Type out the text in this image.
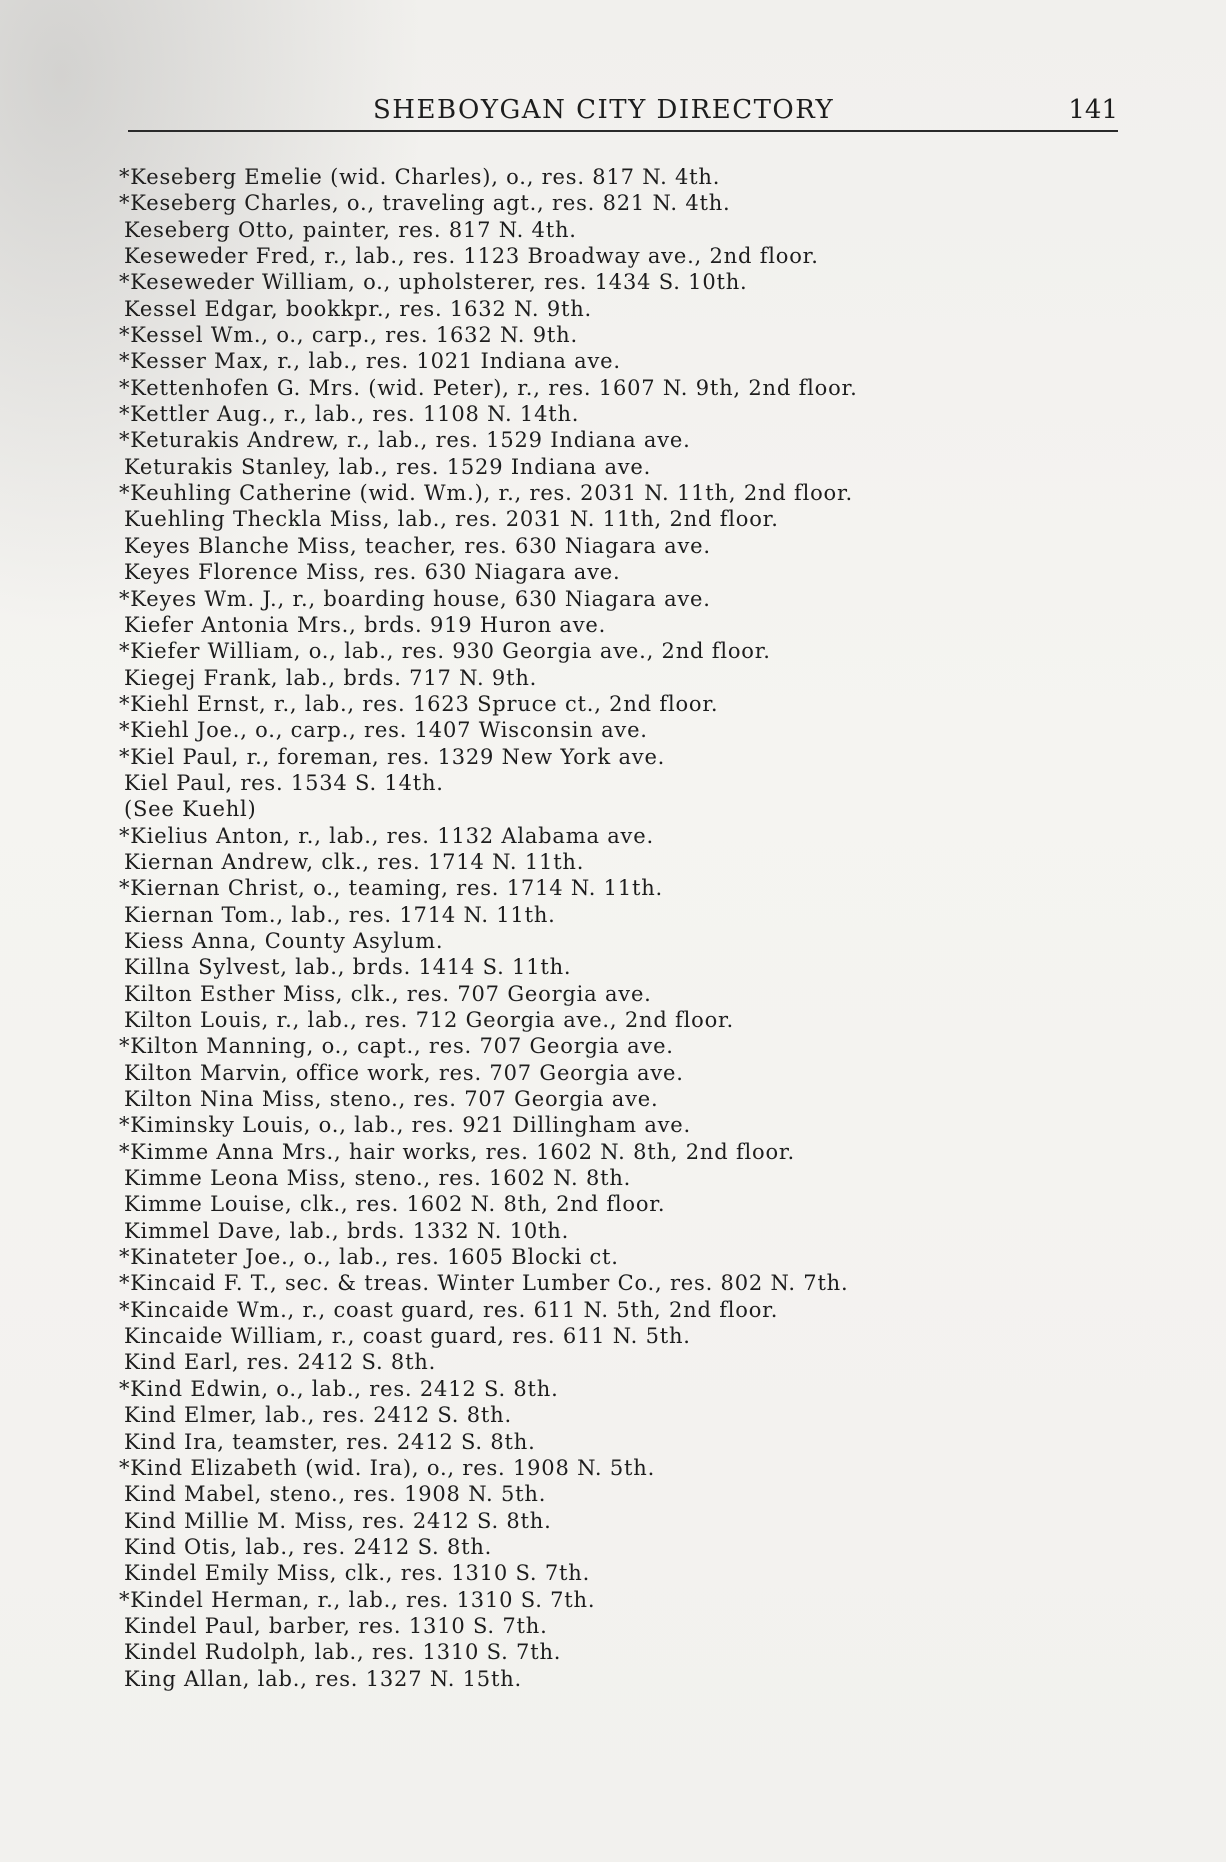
SHEBOYGAN CITY DIRECTORY	141
*Keseberg Emelie (wid. Charles), o., res. 817 N. 4th.
*Keseberg Charles, o., traveling agt., res. 821 N. 4th.
Keseberg Otto, painter, res. 817 N. 4th.
Keseweder Fred, r., lab., res. 1123 Broadway ave., 2nd floor.
*Keseweder William, o., upholsterer, res. 1434 S. 10th.
Kessel Edgar, bookkpr., res. 1632 N. 9th.
*Kessel Wm., o., carp., res. 1632 N. 9th.
*Kesser Max, r., lab., res. 1021 Indiana ave.
*Kettenhofen G. Mrs. (wid. Peter), r., res. 1607 N. 9th, 2nd floor.
*Kettler Aug., r., lab., res. 1108 N. 14th.
*Keturakis Andrew, r., lab., res. 1529 Indiana ave.
Keturakis Stanley, lab., res. 1529 Indiana ave.
*Keuhling Catherine (wid. Wm.), r., res. 2031 N. 11th, 2nd floor.
Kuehling Theckla Miss, lab., res. 2031 N. 11th, 2nd floor.
Keyes Blanche Miss, teacher, res. 630 Niagara ave.
Keyes Florence Miss, res. 630 Niagara ave.
*Keyes Wm. J., r., boarding house, 630 Niagara ave.
Kiefer Antonia Mrs., brds. 919 Huron ave.
*Kiefer William, o., lab., res. 930 Georgia ave., 2nd floor.
Kiegej Frank, lab., brds. 717 N. 9th.
*Kiehl Ernst, r., lab., res. 1623 Spruce ct., 2nd floor.
*Kiehl Joe., o., carp., res. 1407 Wisconsin ave.
*Kiel Paul, r., foreman, res. 1329 New York ave.
Kiel Paul, res. 1534 S. 14th.
(See Kuehl)
*Kielius Anton, r., lab., res. 1132 Alabama ave.
Kiernan Andrew, clk., res. 1714 N. 11th.
*Kiernan Christ, o., teaming, res. 1714 N. 11th.
Kiernan Tom., lab., res. 1714 N. 11th.
Kiess Anna, County Asylum.
Killna Sylvest, lab., brds. 1414 S. 11th.
Kilton Esther Miss, clk., res. 707 Georgia ave.
Kilton Louis, r., lab., res. 712 Georgia ave., 2nd floor.
*Kilton Manning, o., capt., res. 707 Georgia ave.
Kilton Marvin, office work, res. 707 Georgia ave.
Kilton Nina Miss, steno., res. 707 Georgia ave.
*Kiminsky Louis, o., lab., res. 921 Dillingham ave.
*Kimme Anna Mrs., hair works, res. 1602 N. 8th, 2nd floor.
Kimme Leona Miss, steno., res. 1602 N. 8th.
Kimme Louise, clk., res. 1602 N. 8th, 2nd floor.
Kimmel Dave, lab., brds. 1332 N. 10th.
*Kinateter Joe., o., lab., res. 1605 Blocki ct.
*Kincaid F. T., sec. & treas. Winter Lumber Co., res. 802 N. 7th.
*Kincaide Wm., r., coast guard, res. 611 N. 5th, 2nd floor.
Kincaide William, r., coast guard, res. 611 N. 5th.
Kind Earl, res. 2412 S. 8th.
*Kind Edwin, o., lab., res. 2412 S. 8th.
Kind Elmer, lab., res. 2412 S. 8th.
Kind Ira, teamster, res. 2412 S. 8th.
*Kind Elizabeth (wid. Ira), o., res. 1908 N. 5th.
Kind Mabel, steno., res. 1908 N. 5th.
Kind Millie M. Miss, res. 2412 S. 8th.
Kind Otis, lab., res. 2412 S. 8th.
Kindel Emily Miss, clk., res. 1310 S. 7th.
*Kindel Herman, r., lab., res. 1310 S. 7th.
Kindel Paul, barber, res. 1310 S. 7th.
Kindel Rudolph, lab., res. 1310 S. 7th.
King Allan, lab., res. 1327 N. 15th.
